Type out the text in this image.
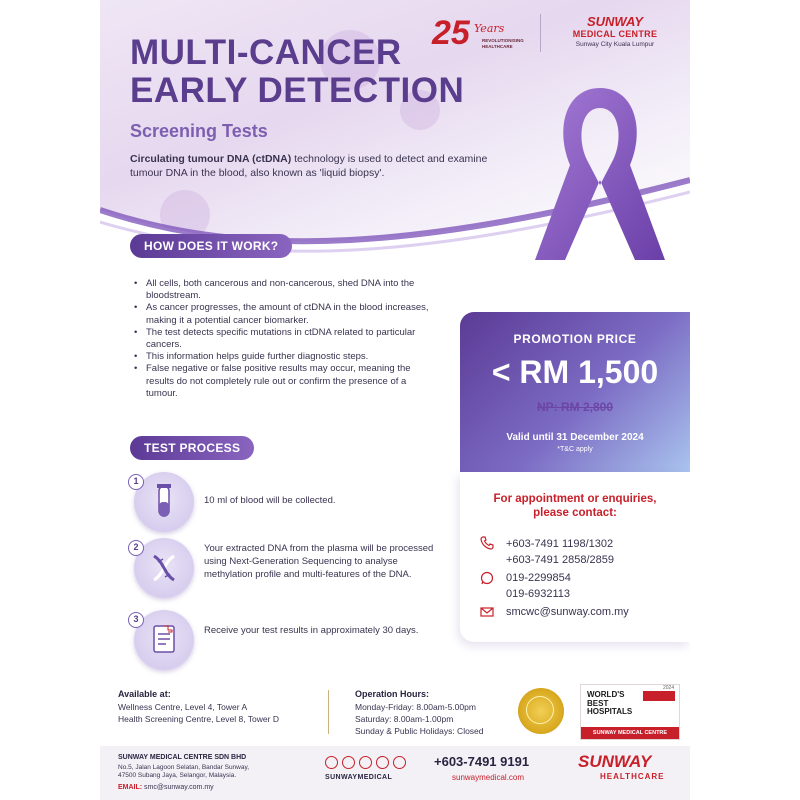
25 Years
REVOLUTIONISING HEALTHCARE
SUNWAY
MEDICAL CENTRE
Sunway City Kuala Lumpur
MULTI-CANCER
EARLY DETECTION
Screening Tests
Circulating tumour DNA (ctDNA) technology is used to detect and examine tumour DNA in the blood, also known as 'liquid biopsy'.
HOW DOES IT WORK?
• All cells, both cancerous and non-cancerous, shed DNA into the bloodstream.
• As cancer progresses, the amount of ctDNA in the blood increases, making it a potential cancer biomarker.
• The test detects specific mutations in ctDNA related to particular cancers.
• This information helps guide further diagnostic steps.
• False negative or false positive results may occur, meaning the results do not completely rule out or confirm the presence of a tumour.
TEST PROCESS
1
10 ml of blood will be collected.
2	Your extracted DNA from the plasma will be processed using Next-Generation Sequencing to analyse methylation profile and multi-features of the DNA.
3
Receive your test results in approximately 30 days.
PROMOTION PRICE
< RM 1,500
NP: RM 2,800
Valid until 31 December 2024
*T&C apply
For appointment or enquiries,
please contact:
+603-7491 1198/1302
+603-7491 2858/2859
019-2299854
019-6932113
smcwc@sunway.com.my
Available at:
Wellness Centre, Level 4, Tower A
Health Screening Centre, Level 8, Tower D
Operation Hours:
Monday-Friday: 8.00am-5.00pm
Saturday: 8.00am-1.00pm
Sunday & Public Holidays: Closed
WORLD'S
BEST
HOSPITALS
2024
SUNWAY MEDICAL CENTRE
SUNWAY MEDICAL CENTRE SDN BHD
No.5, Jalan Lagoon Selatan, Bandar Sunway,
47500 Subang Jaya, Selangor, Malaysia.
EMAIL: smc@sunway.com.my
SUNWAYMEDICAL
+603-7491 9191
sunwaymedical.com
SUNWAY
HEALTHCARE
